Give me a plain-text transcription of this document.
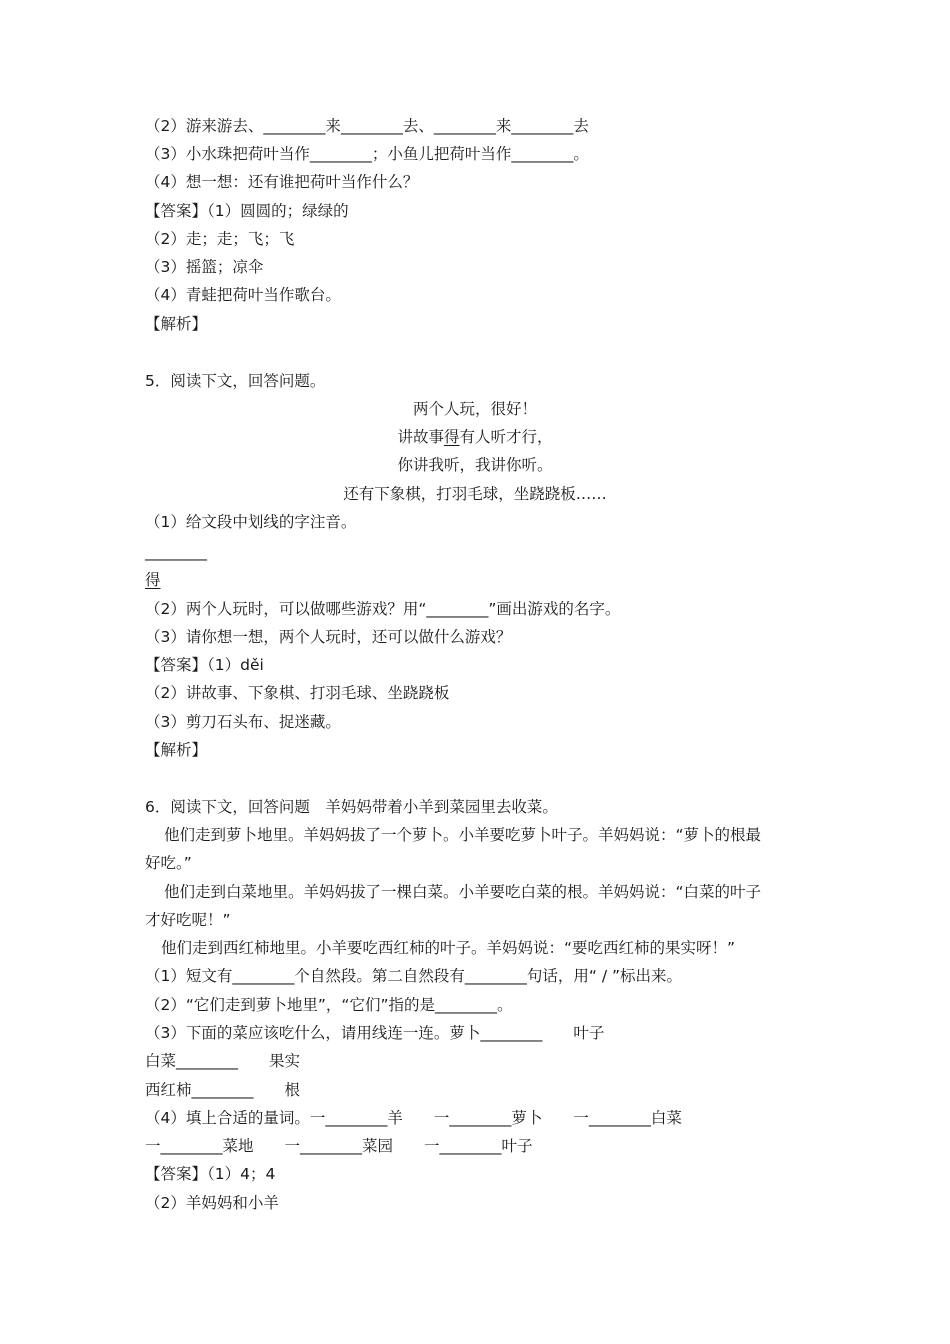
（2）游来游去、________来________去、________来________去
（3）小水珠把荷叶当作________；小鱼儿把荷叶当作________。
（4）想一想：还有谁把荷叶当作什么？
【答案】（1）圆圆的；绿绿的
（2）走；走；飞；飞
（3）摇篮；凉伞
（4）青蛙把荷叶当作歌台。
【解析】
5．阅读下文，回答问题。
两个人玩，很好！
讲故事得有人听才行，
你讲我听，我讲你听。
还有下象棋，打羽毛球，坐跷跷板……
（1）给文段中划线的字注音。
________
得
（2）两个人玩时，可以做哪些游戏？用“________”画出游戏的名字。
（3）请你想一想，两个人玩时，还可以做什么游戏？
【答案】（1）děi
（2）讲故事、下象棋、打羽毛球、坐跷跷板
（3）剪刀石头布、捉迷藏。
【解析】
6．阅读下文，回答问题　羊妈妈带着小羊到菜园里去收菜。
他们走到萝卜地里。羊妈妈拔了一个萝卜。小羊要吃萝卜叶子。羊妈妈说：“萝卜的根最
好吃。”
他们走到白菜地里。羊妈妈拔了一棵白菜。小羊要吃白菜的根。羊妈妈说：“白菜的叶子
才好吃呢！”
他们走到西红柿地里。小羊要吃西红柿的叶子。羊妈妈说：“要吃西红柿的果实呀！”
（1）短文有________个自然段。第二自然段有________句话，用“ / ”标出来。
（2）“它们走到萝卜地里”，“它们”指的是________。
（3）下面的菜应该吃什么，请用线连一连。萝卜________　　叶子
白菜________　　果实
西红柿________　　根
（4）填上合适的量词。一________羊　　一________萝卜　　一________白菜
一________菜地　　一________菜园　　一________叶子
【答案】（1）4；4
（2）羊妈妈和小羊
